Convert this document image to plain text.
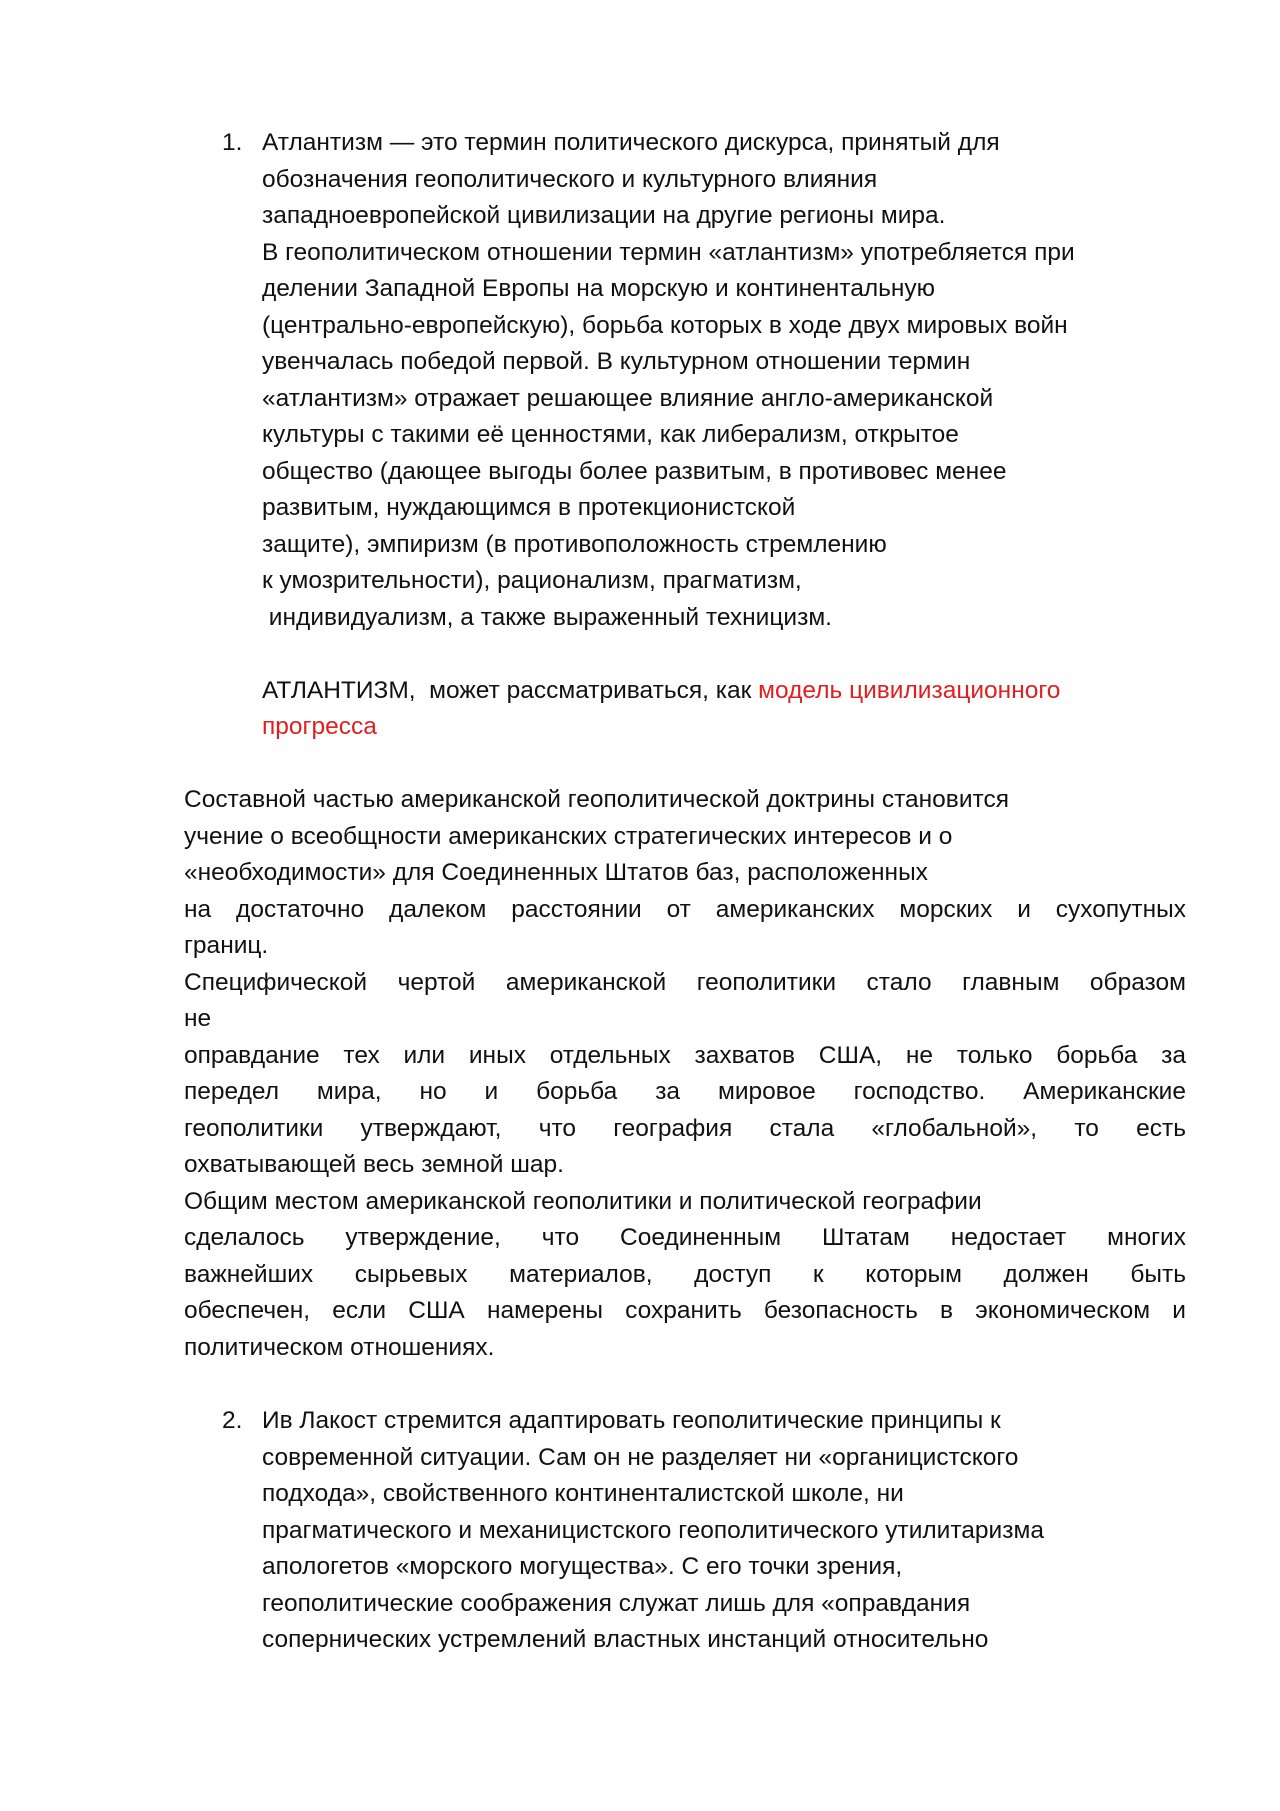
1. Атлантизм — это термин политического дискурса, принятый для
обозначения геополитического и культурного влияния
западноевропейской цивилизации на другие регионы мира.
В геополитическом отношении термин «атлантизм» употребляется при
делении Западной Европы на морскую и континентальную
(центрально-европейскую), борьба которых в ходе двух мировых войн
увенчалась победой первой. В культурном отношении термин
«атлантизм» отражает решающее влияние англо-американской
культуры с такими её ценностями, как либерализм, открытое
общество (дающее выгоды более развитым, в противовес менее
развитым, нуждающимся в протекционистской
защите), эмпиризм (в противоположность стремлению
к умозрительности), рационализм, прагматизм,
индивидуализм, а также выраженный техницизм.
АТЛАНТИЗМ,  может рассматриваться, как модель цивилизационного
прогресса
Составной частью американской геополитической доктрины становится
учение о всеобщности американских стратегических интересов и о
«необходимости» для Соединенных Штатов баз, расположенных
на достаточно далеком расстоянии от американских морских и сухопутных
границ.
Специфической чертой американской геополитики стало главным образом
не
оправдание тех или иных отдельных захватов США, не только борьба за
передел мира, но и борьба за мировое господство. Американские
геополитики утверждают, что география стала «глобальной», то есть
охватывающей весь земной шар.
Общим местом американской геополитики и политической географии
сделалось утверждение, что Соединенным Штатам недостает многих
важнейших сырьевых материалов, доступ к которым должен быть
обеспечен, если США намерены сохранить безопасность в экономическом и
политическом отношениях.
2. Ив Лакост стремится адаптировать геополитические принципы к
современной ситуации. Сам он не разделяет ни «органицистского
подхода», свойственного континенталистской школе, ни
прагматического и механицистского геополитического утилитаризма
апологетов «морского могущества». С его точки зрения,
геополитические соображения служат лишь для «оправдания
сопернических устремлений властных инстанций относительно
